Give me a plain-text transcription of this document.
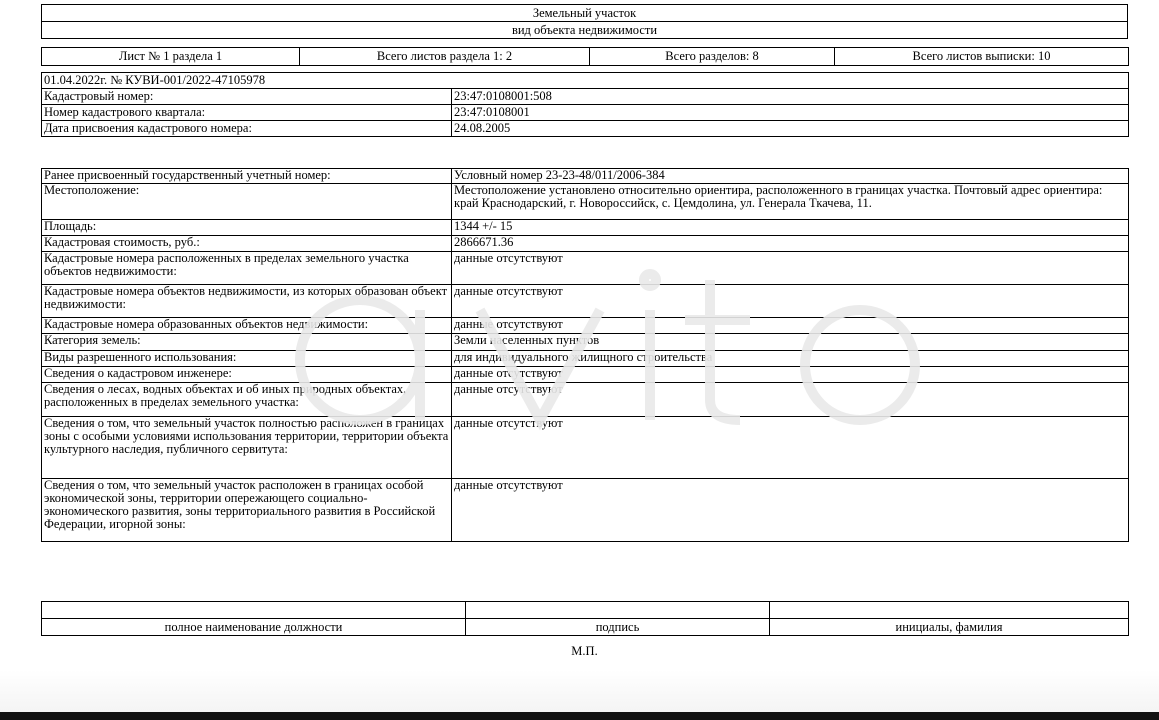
Земельный участок
вид объекта недвижимости
Лист № 1 раздела 1	Всего листов раздела 1: 2	Всего разделов: 8	Всего листов выписки: 10
01.04.2022г. № КУВИ-001/2022-47105978	
Кадастровый номер:	23:47:0108001:508
Номер кадастрового квартала:	23:47:0108001
Дата присвоения кадастрового номера:	24.08.2005
Ранее присвоенный государственный учетный номер:	Условный номер 23-23-48/011/2006-384
Местоположение:	Местоположение установлено относительно ориентира, расположенного в границах участка. Почтовый адрес ориентира: край Краснодарский, г. Новороссийск, с. Цемдолина, ул. Генерала Ткачева, 11.
Площадь:	1344 +/- 15
Кадастровая стоимость, руб.:	2866671.36
Кадастровые номера расположенных в пределах земельного участка объектов недвижимости:	данные отсутствуют
Кадастровые номера объектов недвижимости, из которых образован объект недвижимости:	данные отсутствуют
Кадастровые номера образованных объектов недвижимости:	данные отсутствуют
Категория земель:	Земли населенных пунктов
Виды разрешенного использования:	для индивидуального жилищного строительства
Сведения о кадастровом инженере:	данные отсутствуют
Сведения о лесах, водных объектах и об иных природных объектах, расположенных в пределах земельного участка:	данные отсутствуют
Сведения о том, что земельный участок полностью расположен в границах зоны с особыми условиями использования территории, территории объекта культурного наследия, публичного сервитута:	данные отсутствуют
Сведения о том, что земельный участок расположен в границах особой экономической зоны, территории опережающего социально-экономического развития, зоны территориального развития в Российской Федерации, игорной зоны:	данные отсутствуют

полное наименование должности	подпись	инициалы, фамилия
М.П.
